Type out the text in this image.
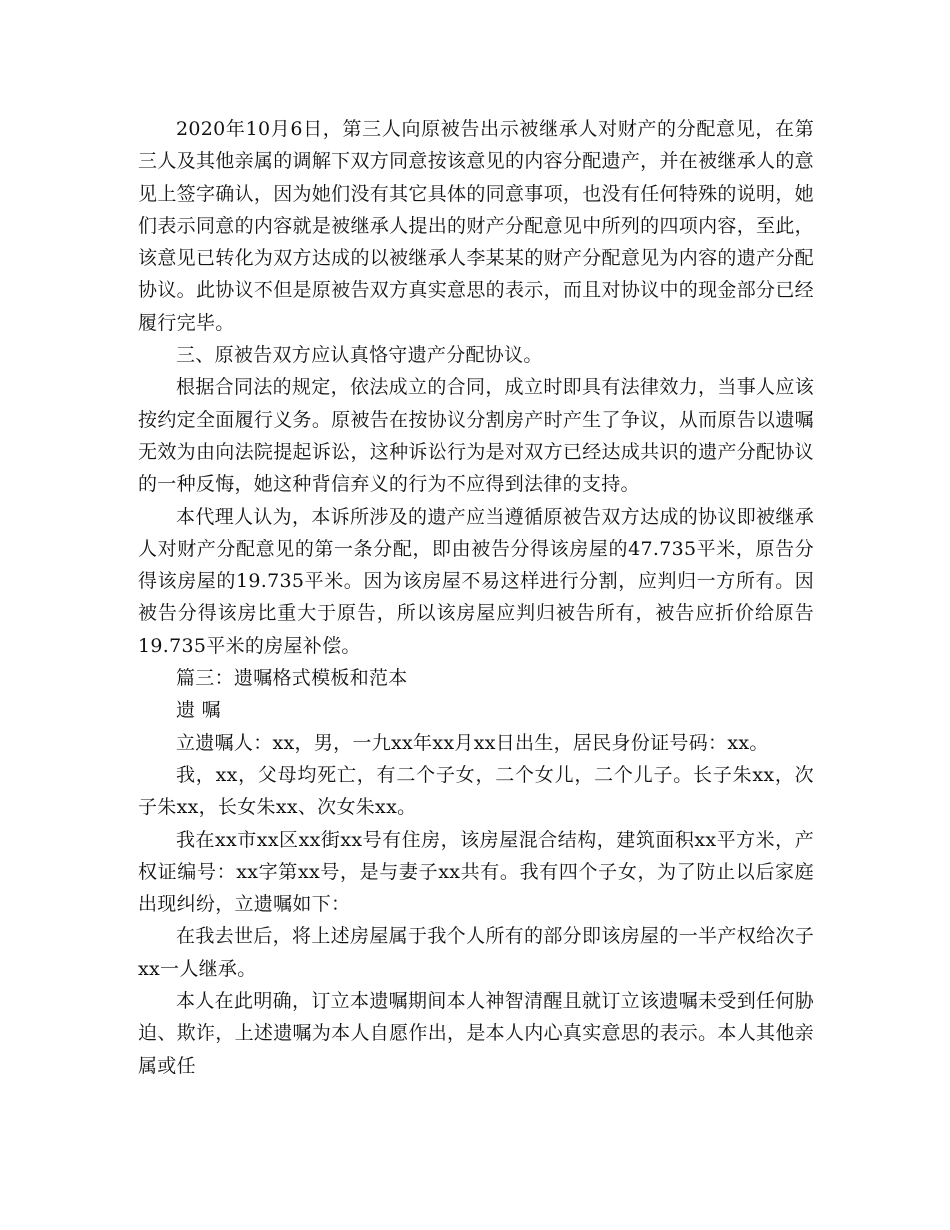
2020年10月6日，第三人向原被告出示被继承人对财产的分配意见，在第三人及其他亲属的调解下双方同意按该意见的内容分配遗产，并在被继承人的意见上签字确认，因为她们没有其它具体的同意事项，也没有任何特殊的说明，她们表示同意的内容就是被继承人提出的财产分配意见中所列的四项内容，至此，该意见已转化为双方达成的以被继承人李某某的财产分配意见为内容的遗产分配协议。此协议不但是原被告双方真实意思的表示，而且对协议中的现金部分已经履行完毕。

三、原被告双方应认真恪守遗产分配协议。

根据合同法的规定，依法成立的合同，成立时即具有法律效力，当事人应该按约定全面履行义务。原被告在按协议分割房产时产生了争议，从而原告以遗嘱无效为由向法院提起诉讼，这种诉讼行为是对双方已经达成共识的遗产分配协议的一种反悔，她这种背信弃义的行为不应得到法律的支持。

本代理人认为，本诉所涉及的遗产应当遵循原被告双方达成的协议即被继承人对财产分配意见的第一条分配，即由被告分得该房屋的47.735平米，原告分得该房屋的19.735平米。因为该房屋不易这样进行分割，应判归一方所有。因被告分得该房比重大于原告，所以该房屋应判归被告所有，被告应折价给原告19.735平米的房屋补偿。

篇三：遗嘱格式模板和范本

遗 嘱

立遗嘱人：xx，男，一九xx年xx月xx日出生，居民身份证号码：xx。

我，xx，父母均死亡，有二个子女，二个女儿，二个儿子。长子朱xx，次子朱xx，长女朱xx、次女朱xx。

我在xx市xx区xx街xx号有住房，该房屋混合结构，建筑面积xx平方米，产权证编号：xx字第xx号，是与妻子xx共有。我有四个子女，为了防止以后家庭出现纠纷，立遗嘱如下：

在我去世后，将上述房屋属于我个人所有的部分即该房屋的一半产权给次子xx一人继承。

本人在此明确，订立本遗嘱期间本人神智清醒且就订立该遗嘱未受到任何胁迫、欺诈，上述遗嘱为本人自愿作出，是本人内心真实意思的表示。本人其他亲属或任
